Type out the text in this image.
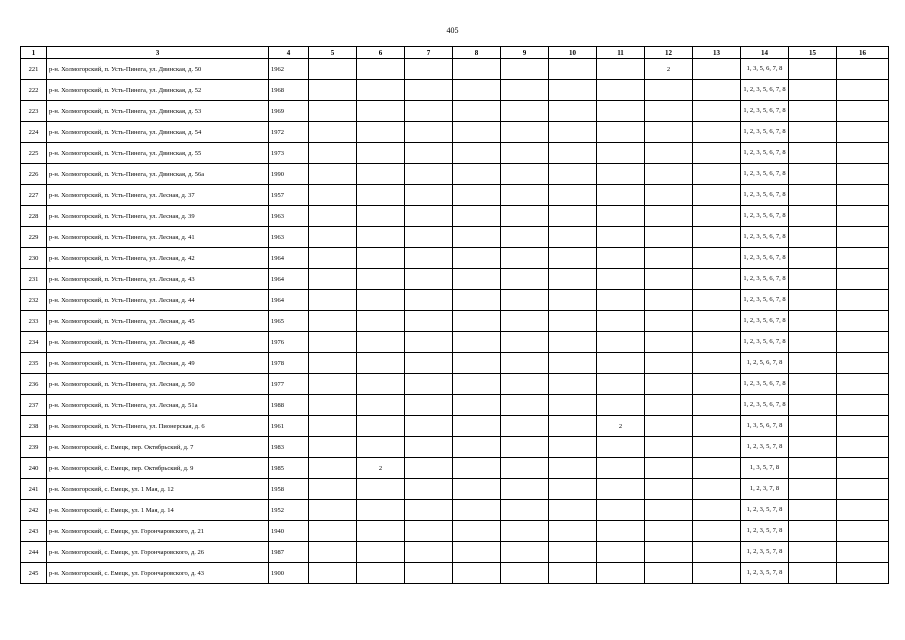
405
1	3	4	5	6	7	8	9	10	11	12	13	14	15	16
221	р-н. Холмогорский, п. Усть-Пинега, ул. Двинская, д. 50	1962								2		1, 3, 5, 6, 7, 8		
222	р-н. Холмогорский, п. Усть-Пинега, ул. Двинская, д. 52	1968										1, 2, 3, 5, 6, 7, 8		
223	р-н. Холмогорский, п. Усть-Пинега, ул. Двинская, д. 53	1969										1, 2, 3, 5, 6, 7, 8		
224	р-н. Холмогорский, п. Усть-Пинега, ул. Двинская, д. 54	1972										1, 2, 3, 5, 6, 7, 8		
225	р-н. Холмогорский, п. Усть-Пинега, ул. Двинская, д. 55	1973										1, 2, 3, 5, 6, 7, 8		
226	р-н. Холмогорский, п. Усть-Пинега, ул. Двинская, д. 56а	1990										1, 2, 3, 5, 6, 7, 8		
227	р-н. Холмогорский, п. Усть-Пинега, ул. Лесная, д. 37	1957										1, 2, 3, 5, 6, 7, 8		
228	р-н. Холмогорский, п. Усть-Пинега, ул. Лесная, д. 39	1963										1, 2, 3, 5, 6, 7, 8		
229	р-н. Холмогорский, п. Усть-Пинега, ул. Лесная, д. 41	1963										1, 2, 3, 5, 6, 7, 8		
230	р-н. Холмогорский, п. Усть-Пинега, ул. Лесная, д. 42	1964										1, 2, 3, 5, 6, 7, 8		
231	р-н. Холмогорский, п. Усть-Пинега, ул. Лесная, д. 43	1964										1, 2, 3, 5, 6, 7, 8		
232	р-н. Холмогорский, п. Усть-Пинега, ул. Лесная, д. 44	1964										1, 2, 3, 5, 6, 7, 8		
233	р-н. Холмогорский, п. Усть-Пинега, ул. Лесная, д. 45	1965										1, 2, 3, 5, 6, 7, 8		
234	р-н. Холмогорский, п. Усть-Пинега, ул. Лесная, д. 48	1976										1, 2, 3, 5, 6, 7, 8		
235	р-н. Холмогорский, п. Усть-Пинега, ул. Лесная, д. 49	1978										1, 2, 5, 6, 7, 8		
236	р-н. Холмогорский, п. Усть-Пинега, ул. Лесная, д. 50	1977										1, 2, 3, 5, 6, 7, 8		
237	р-н. Холмогорский, п. Усть-Пинега, ул. Лесная, д. 51а	1988										1, 2, 3, 5, 6, 7, 8		
238	р-н. Холмогорский, п. Усть-Пинега, ул. Пионерская, д. 6	1961							2			1, 3, 5, 6, 7, 8		
239	р-н. Холмогорский, с. Емецк, пер. Октябрьский, д. 7	1983										1, 2, 3, 5, 7, 8		
240	р-н. Холмогорский, с. Емецк, пер. Октябрьский, д. 9	1985		2								1, 3, 5, 7, 8		
241	р-н. Холмогорский, с. Емецк, ул. 1 Мая, д. 12	1958										1, 2, 3, 7, 8		
242	р-н. Холмогорский, с. Емецк, ул. 1 Мая, д. 14	1952										1, 2, 3, 5, 7, 8		
243	р-н. Холмогорский, с. Емецк, ул. Горончаровского, д. 21	1940										1, 2, 3, 5, 7, 8		
244	р-н. Холмогорский, с. Емецк, ул. Горончаровского, д. 26	1987										1, 2, 3, 5, 7, 8		
245	р-н. Холмогорский, с. Емецк, ул. Горончаровского, д. 43	1900										1, 2, 3, 5, 7, 8		
